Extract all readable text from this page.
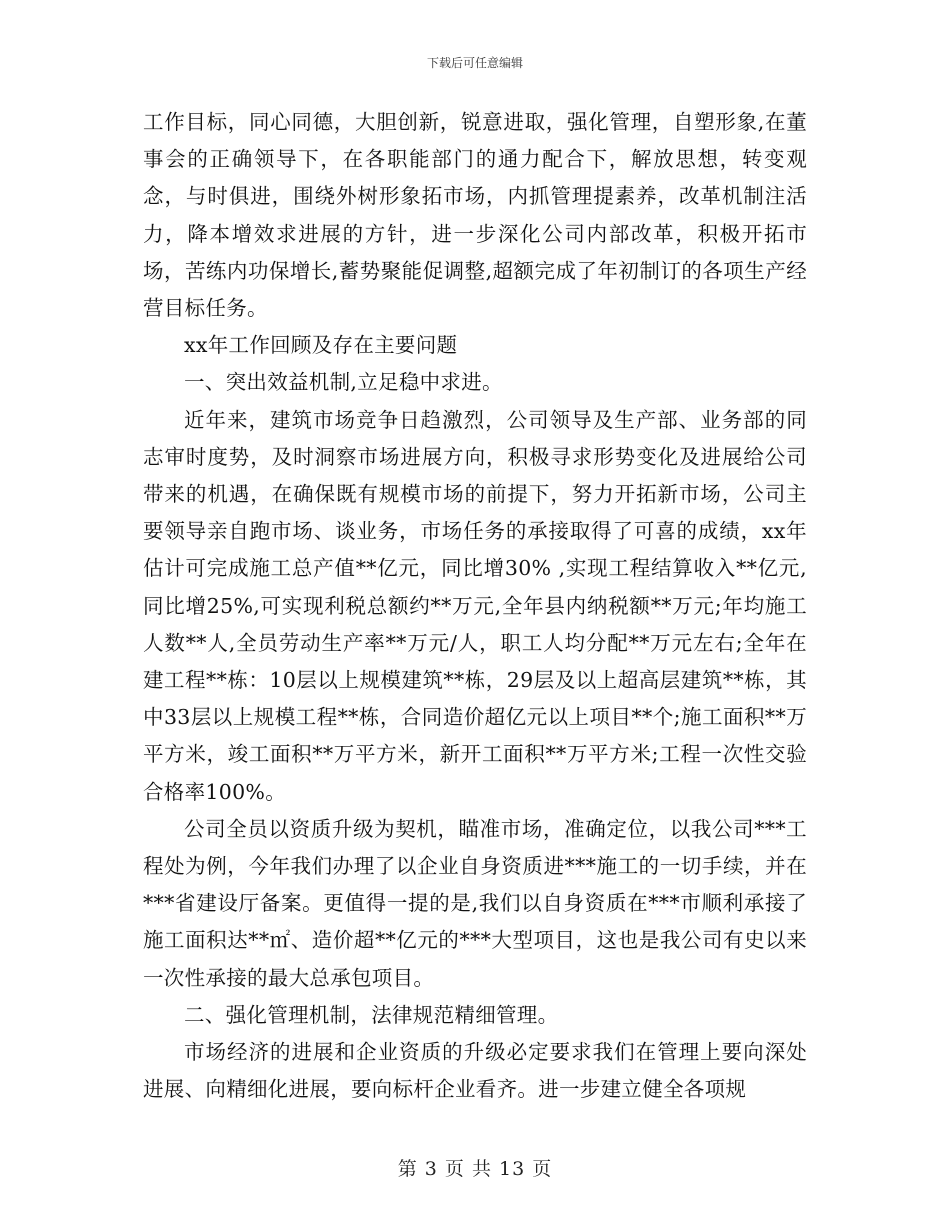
下载后可任意编辑

工作目标，同心同德，大胆创新，锐意进取，强化管理，自塑形象,在董事会的正确领导下，在各职能部门的通力配合下，解放思想，转变观念，与时俱进，围绕外树形象拓市场，内抓管理提素养，改革机制注活力，降本增效求进展的方针，进一步深化公司内部改革，积极开拓市场，苦练内功保增长,蓄势聚能促调整,超额完成了年初制订的各项生产经营目标任务。

xx年工作回顾及存在主要问题

一、突出效益机制,立足稳中求进。

近年来，建筑市场竞争日趋激烈，公司领导及生产部、业务部的同志审时度势，及时洞察市场进展方向，积极寻求形势变化及进展给公司带来的机遇，在确保既有规模市场的前提下，努力开拓新市场，公司主要领导亲自跑市场、谈业务，市场任务的承接取得了可喜的成绩，xx年估计可完成施工总产值**亿元，同比增30% ,实现工程结算收入**亿元,同比增25%,可实现利税总额约**万元,全年县内纳税额**万元;年均施工人数**人,全员劳动生产率**万元/人，职工人均分配**万元左右;全年在建工程**栋：10层以上规模建筑**栋，29层及以上超高层建筑**栋，其中33层以上规模工程**栋，合同造价超亿元以上项目**个;施工面积**万平方米，竣工面积**万平方米，新开工面积**万平方米;工程一次性交验合格率100%。

公司全员以资质升级为契机，瞄准市场，准确定位，以我公司***工程处为例，今年我们办理了以企业自身资质进***施工的一切手续，并在***省建设厅备案。更值得一提的是,我们以自身资质在***市顺利承接了施工面积达**㎡、造价超**亿元的***大型项目，这也是我公司有史以来一次性承接的最大总承包项目。

二、强化管理机制，法律规范精细管理。

市场经济的进展和企业资质的升级必定要求我们在管理上要向深处进展、向精细化进展，要向标杆企业看齐。进一步建立健全各项规

第 3 页 共 13 页
